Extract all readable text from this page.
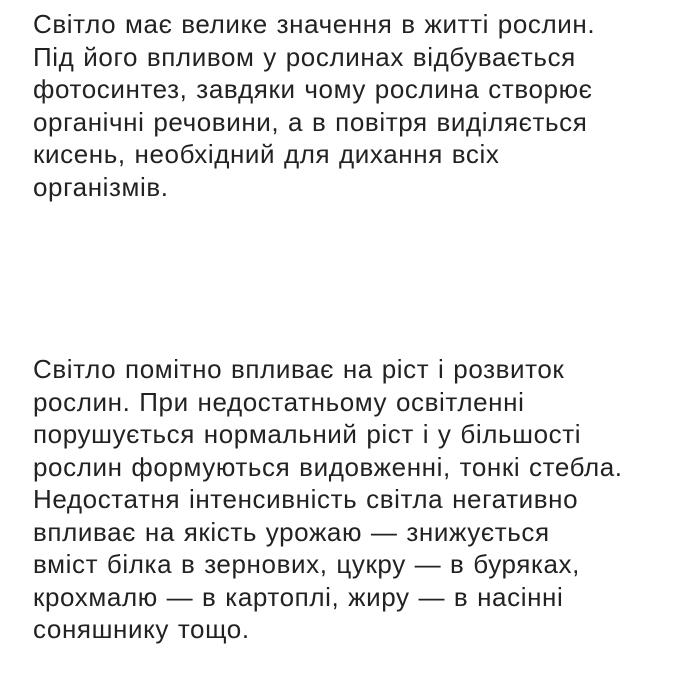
Світло має велике значення в житті рослин.
Під його впливом у рослинах відбувається
фотосинтез, завдяки чому рослина створює
органічні речовини, а в повітря виділяється
кисень, необхідний для дихання всіх
організмів.

Світло помітно впливає на ріст і розвиток
рослин. При недостатньому освітленні
порушується нормальний ріст і у більшості
рослин формуються видовженні, тонкі стебла.
Недостатня інтенсивність світла негативно
впливає на якість урожаю — знижується
вміст білка в зернових, цукру — в буряках,
крохмалю — в картоплі, жиру — в насінні
соняшнику тощо.
